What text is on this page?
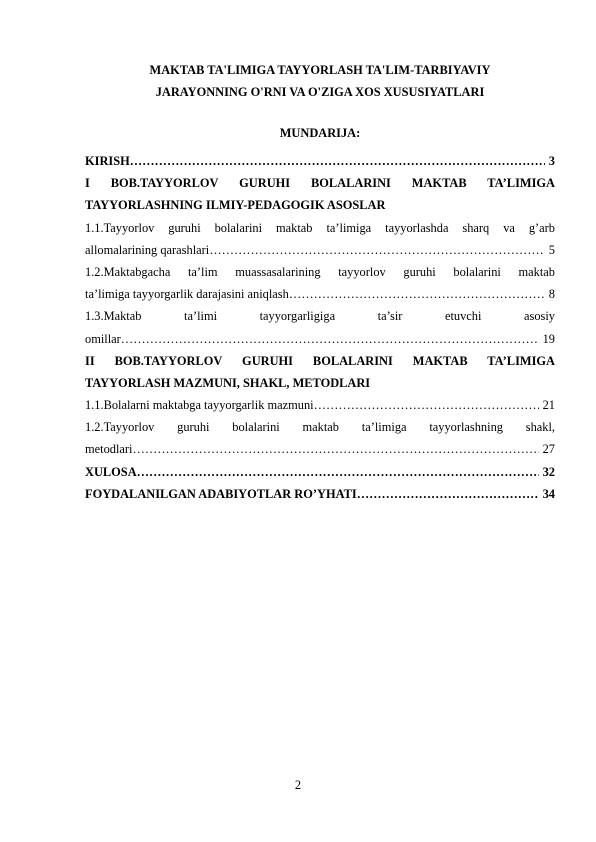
MAKTAB TA'LIMIGA TAYYORLASH TA'LIM-TARBIYAVIY
JARAYONNING O'RNI VA O'ZIGA XOS XUSUSIYATLARI
MUNDARIJA:
KIRISH ………………………………………………………………………………………………………………………………………………………………	3
I BOB.TAYYORLOV GURUHI BOLALARINI MAKTAB TA’LIMIGA
TAYYORLASHNING ILMIY-PEDAGOGIK ASOSLAR
1.1.Tayyorlov guruhi bolalarini maktab ta’limiga tayyorlashda sharq va g’arb
allomalarining qarashlari ………………………………………………………………………………………………………………………………………………………………	5
1.2.Maktabgacha ta’lim muassasalarining tayyorlov guruhi bolalarini maktab
ta’limiga tayyorgarlik darajasini aniqlash ………………………………………………………………………………………………………………………………………………………………	8
1.3.Maktab ta’limi tayyorgarligiga ta’sir etuvchi asosiy
omillar ………………………………………………………………………………………………………………………………………………………………	19
II BOB.TAYYORLOV GURUHI BOLALARINI MAKTAB TA’LIMIGA
TAYYORLASH MAZMUNI, SHAKL, METODLARI
1.1.Bolalarni maktabga tayyorgarlik mazmuni ………………………………………………………………………………………………………………………………………………………………	21
1.2.Tayyorlov guruhi bolalarini maktab ta’limiga tayyorlashning shakl,
metodlari ………………………………………………………………………………………………………………………………………………………………	27
XULOSA ………………………………………………………………………………………………………………………………………………………………	32
FOYDALANILGAN ADABIYOTLAR RO’YHATI ………………………………………………………………………………………………………………………………………………………………	34
2
